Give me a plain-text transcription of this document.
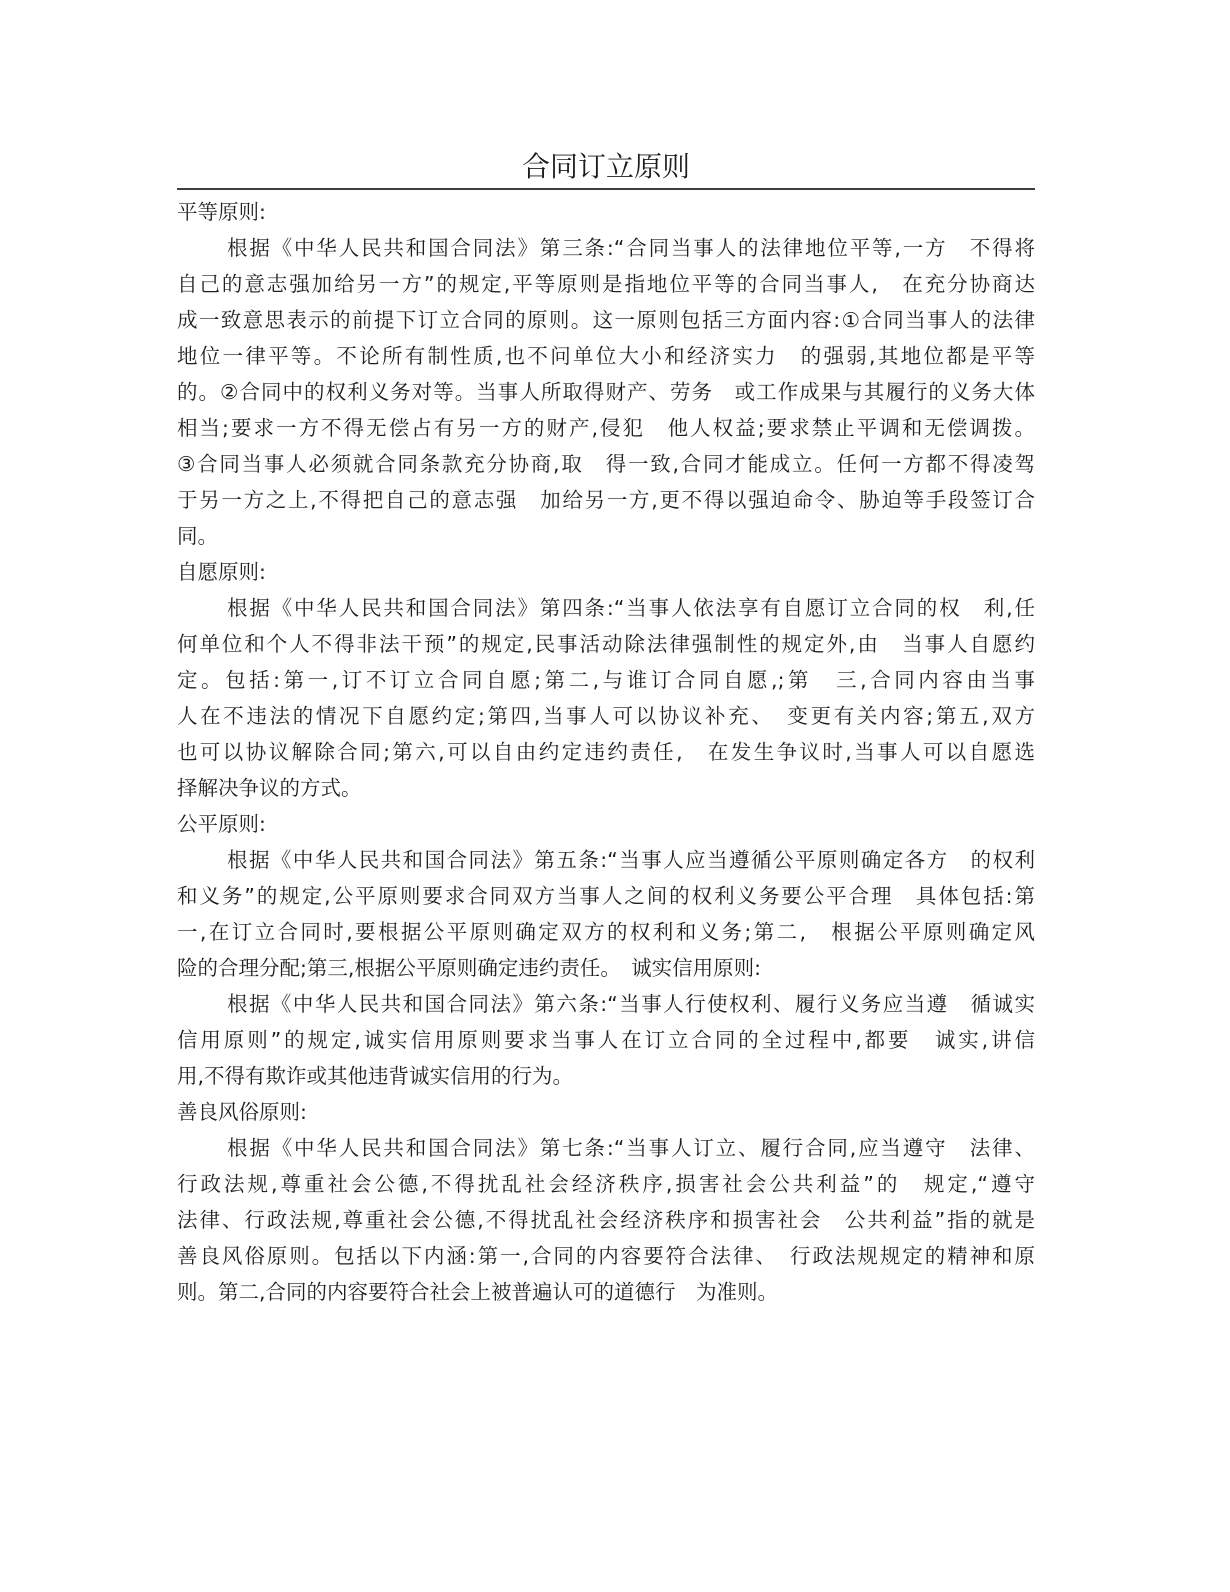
合同订立原则
平等原则:
根据《中华人民共和国合同法》第三条:“合同当事人的法律地位平等,一方　不得将
自己的意志强加给另一方”的规定,平等原则是指地位平等的合同当事人,　在充分协商达
成一致意思表示的前提下订立合同的原则。这一原则包括三方面内容:①合同当事人的法律
地位一律平等。不论所有制性质,也不问单位大小和经济实力　的强弱,其地位都是平等
的。②合同中的权利义务对等。当事人所取得财产、劳务　或工作成果与其履行的义务大体
相当;要求一方不得无偿占有另一方的财产,侵犯　他人权益;要求禁止平调和无偿调拨。
③合同当事人必须就合同条款充分协商,取　得一致,合同才能成立。任何一方都不得凌驾
于另一方之上,不得把自己的意志强　加给另一方,更不得以强迫命令、胁迫等手段签订合
同。
自愿原则:
根据《中华人民共和国合同法》第四条:“当事人依法享有自愿订立合同的权　利,任
何单位和个人不得非法干预”的规定,民事活动除法律强制性的规定外,由　当事人自愿约
定。包括:第一,订不订立合同自愿;第二,与谁订合同自愿,;第　三,合同内容由当事
人在不违法的情况下自愿约定;第四,当事人可以协议补充、　变更有关内容;第五,双方
也可以协议解除合同;第六,可以自由约定违约责任,　在发生争议时,当事人可以自愿选
择解决争议的方式。
公平原则:
根据《中华人民共和国合同法》第五条:“当事人应当遵循公平原则确定各方　的权利
和义务”的规定,公平原则要求合同双方当事人之间的权利义务要公平合理　具体包括:第
一,在订立合同时,要根据公平原则确定双方的权利和义务;第二,　根据公平原则确定风
险的合理分配;第三,根据公平原则确定违约责任。　诚实信用原则:
根据《中华人民共和国合同法》第六条:“当事人行使权利、履行义务应当遵　循诚实
信用原则”的规定,诚实信用原则要求当事人在订立合同的全过程中,都要　诚实,讲信
用,不得有欺诈或其他违背诚实信用的行为。
善良风俗原则:
根据《中华人民共和国合同法》第七条:“当事人订立、履行合同,应当遵守　法律、
行政法规,尊重社会公德,不得扰乱社会经济秩序,损害社会公共利益”的　规定,“遵守
法律、行政法规,尊重社会公德,不得扰乱社会经济秩序和损害社会　公共利益”指的就是
善良风俗原则。包括以下内涵:第一,合同的内容要符合法律、　行政法规规定的精神和原
则。第二,合同的内容要符合社会上被普遍认可的道德行　为准则。
